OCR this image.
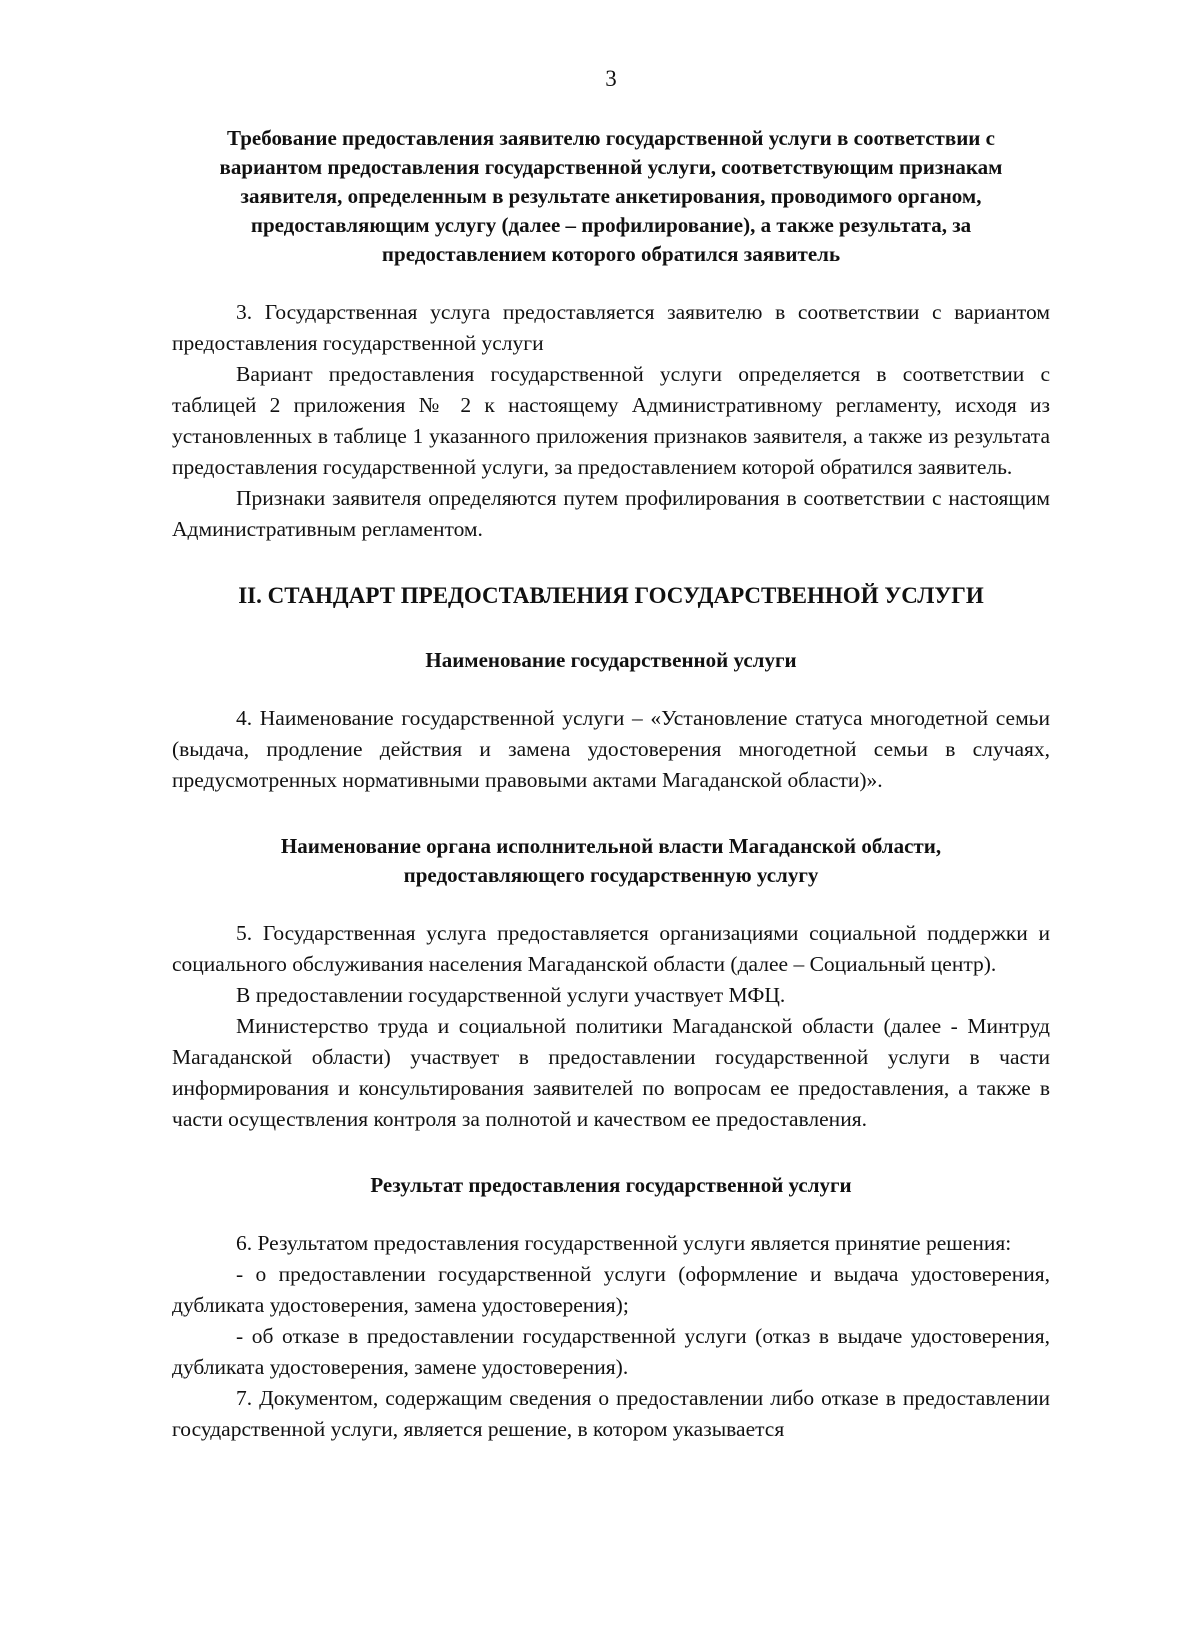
3

Требование предоставления заявителю государственной услуги в соответствии с вариантом предоставления государственной услуги, соответствующим признакам заявителя, определенным в результате анкетирования, проводимого органом, предоставляющим услугу (далее – профилирование), а также результата, за предоставлением которого обратился заявитель

3. Государственная услуга предоставляется заявителю в соответствии с вариантом предоставления государственной услуги

Вариант предоставления государственной услуги определяется в соответствии с таблицей 2 приложения № 2 к настоящему Административному регламенту, исходя из установленных в таблице 1 указанного приложения признаков заявителя, а также из результата предоставления государственной услуги, за предоставлением которой обратился заявитель.

Признаки заявителя определяются путем профилирования в соответствии с настоящим Административным регламентом.

II. СТАНДАРТ ПРЕДОСТАВЛЕНИЯ ГОСУДАРСТВЕННОЙ УСЛУГИ

Наименование государственной услуги

4. Наименование государственной услуги – «Установление статуса многодетной семьи (выдача, продление действия и замена удостоверения многодетной семьи в случаях, предусмотренных нормативными правовыми актами Магаданской области)».

Наименование органа исполнительной власти Магаданской области, предоставляющего государственную услугу

5. Государственная услуга предоставляется организациями социальной поддержки и социального обслуживания населения Магаданской области (далее – Социальный центр).

В предоставлении государственной услуги участвует МФЦ.

Министерство труда и социальной политики Магаданской области (далее - Минтруд Магаданской области) участвует в предоставлении государственной услуги в части информирования и консультирования заявителей по вопросам ее предоставления, а также в части осуществления контроля за полнотой и качеством ее предоставления.

Результат предоставления государственной услуги

6. Результатом предоставления государственной услуги является принятие решения:

- о предоставлении государственной услуги (оформление и выдача удостоверения, дубликата удостоверения, замена удостоверения);

- об отказе в предоставлении государственной услуги (отказ в выдаче удостоверения, дубликата удостоверения, замене удостоверения).

7. Документом, содержащим сведения о предоставлении либо отказе в предоставлении государственной услуги, является решение, в котором указывается
